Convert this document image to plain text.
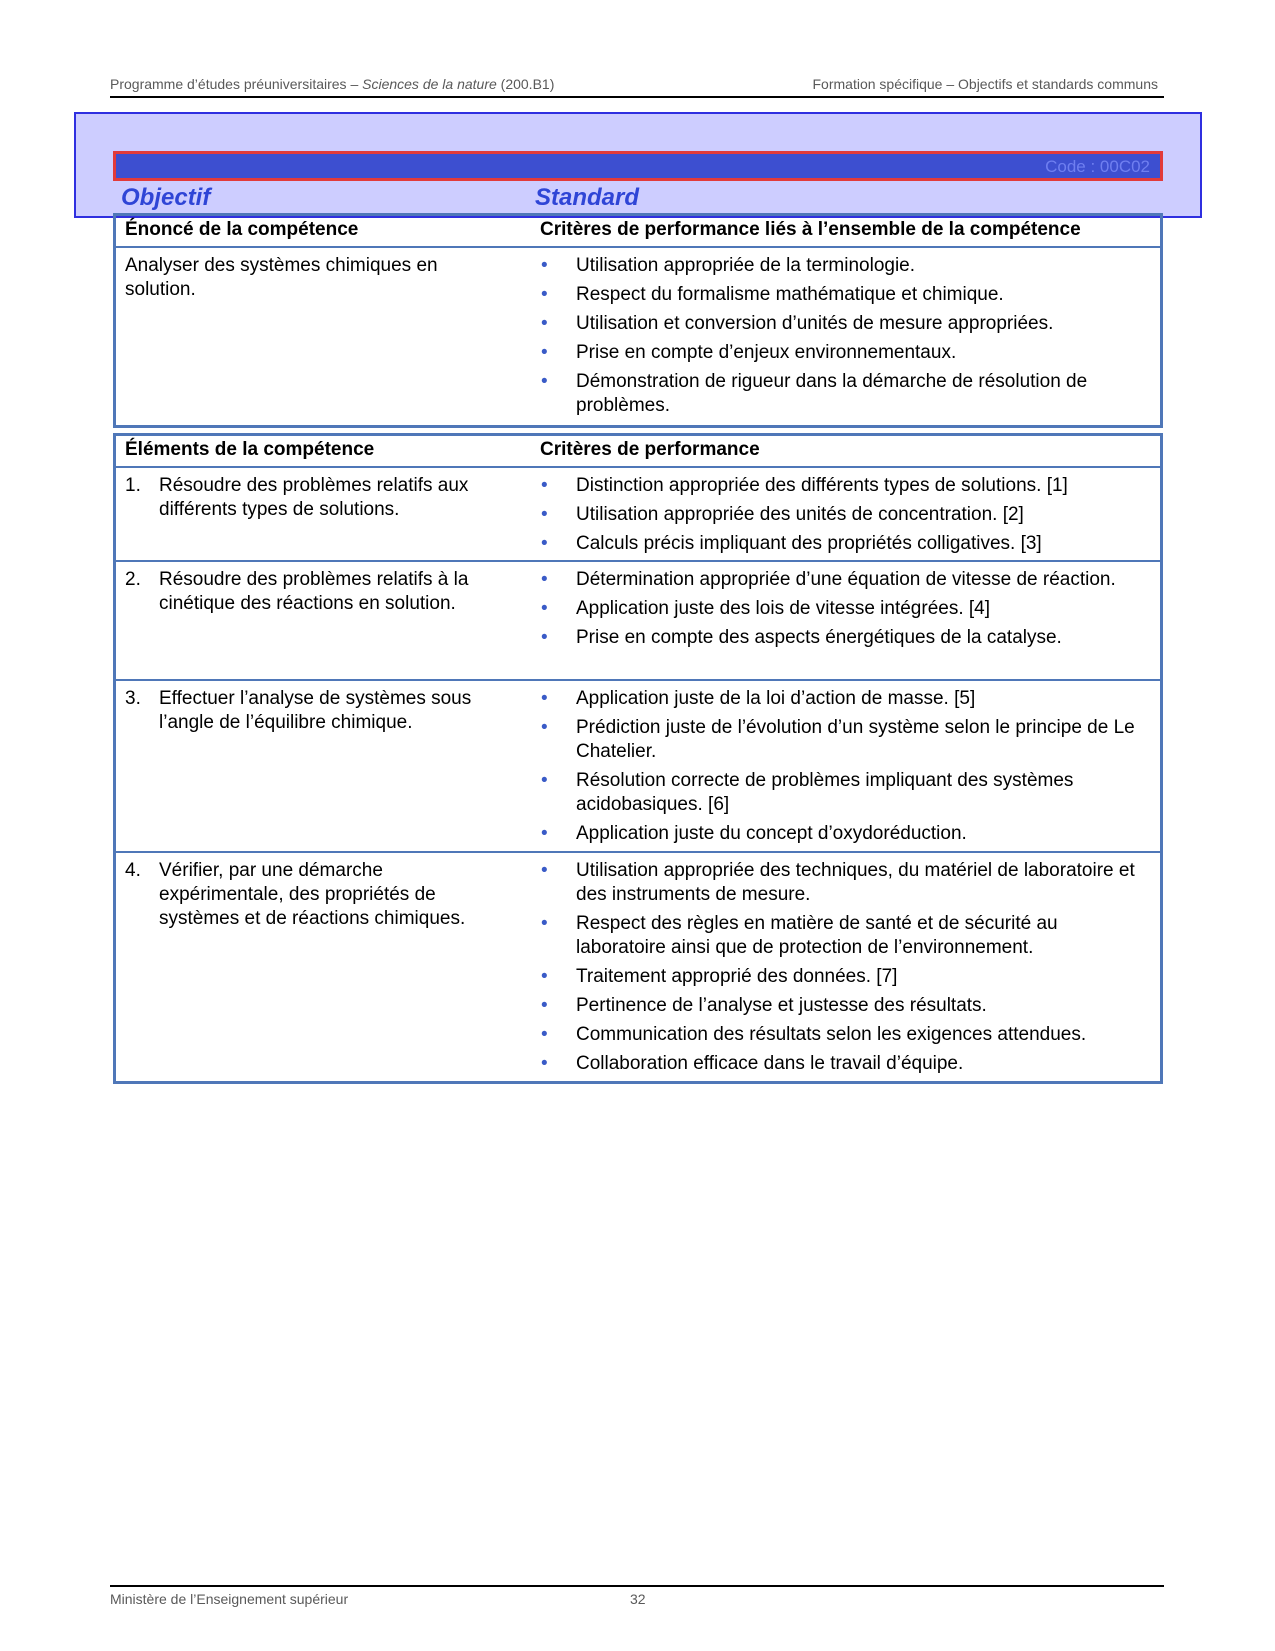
Programme d’études préuniversitaires – Sciences de la nature (200.B1)	Formation spécifique – Objectifs et standards communs
Code : 00C02
Objectif	Standard
Énoncé de la compétence	Critères de performance liés à l’ensemble de la compétence
Analyser des systèmes chimiques en solution.
• Utilisation appropriée de la terminologie.
• Respect du formalisme mathématique et chimique.
• Utilisation et conversion d’unités de mesure appropriées.
• Prise en compte d’enjeux environnementaux.
• Démonstration de rigueur dans la démarche de résolution de problèmes.
Éléments de la compétence	Critères de performance
1. Résoudre des problèmes relatifs aux différents types de solutions.
• Distinction appropriée des différents types de solutions. [1]
• Utilisation appropriée des unités de concentration. [2]
• Calculs précis impliquant des propriétés colligatives. [3]
2. Résoudre des problèmes relatifs à la cinétique des réactions en solution.
• Détermination appropriée d’une équation de vitesse de réaction.
• Application juste des lois de vitesse intégrées. [4]
• Prise en compte des aspects énergétiques de la catalyse.
3. Effectuer l’analyse de systèmes sous l’angle de l’équilibre chimique.
• Application juste de la loi d’action de masse. [5]
• Prédiction juste de l’évolution d’un système selon le principe de Le Chatelier.
• Résolution correcte de problèmes impliquant des systèmes acidobasiques. [6]
• Application juste du concept d’oxydoréduction.
4. Vérifier, par une démarche expérimentale, des propriétés de systèmes et de réactions chimiques.
• Utilisation appropriée des techniques, du matériel de laboratoire et des instruments de mesure.
• Respect des règles en matière de santé et de sécurité au laboratoire ainsi que de protection de l’environnement.
• Traitement approprié des données. [7]
• Pertinence de l’analyse et justesse des résultats.
• Communication des résultats selon les exigences attendues.
• Collaboration efficace dans le travail d’équipe.
Ministère de l’Enseignement supérieur	32
